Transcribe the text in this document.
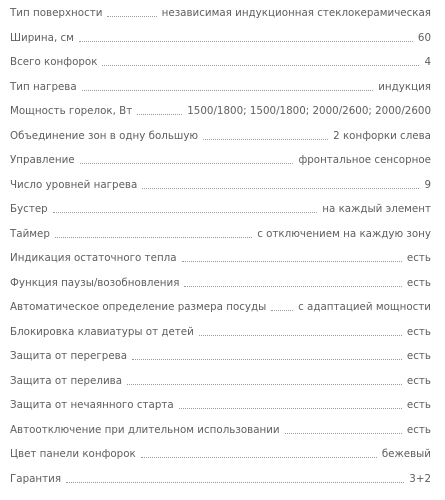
Тип поверхности	независимая индукционная стеклокерамическая
Ширина, см	60
Всего конфорок	4
Тип нагрева	индукция
Мощность горелок, Вт	1500/1800; 1500/1800; 2000/2600; 2000/2600
Объединение зон в одну большую	2 конфорки слева
Управление	фронтальное сенсорное
Число уровней нагрева	9
Бустер	на каждый элемент
Таймер	с отключением на каждую зону
Индикация остаточного тепла	есть
Функция паузы/возобновления	есть
Автоматическое определение размера посуды	с адаптацией мощности
Блокировка клавиатуры от детей	есть
Защита от перегрева	есть
Защита от перелива	есть
Защита от нечаянного старта	есть
Автоотключение при длительном использовании	есть
Цвет панели конфорок	бежевый
Гарантия	3+2
